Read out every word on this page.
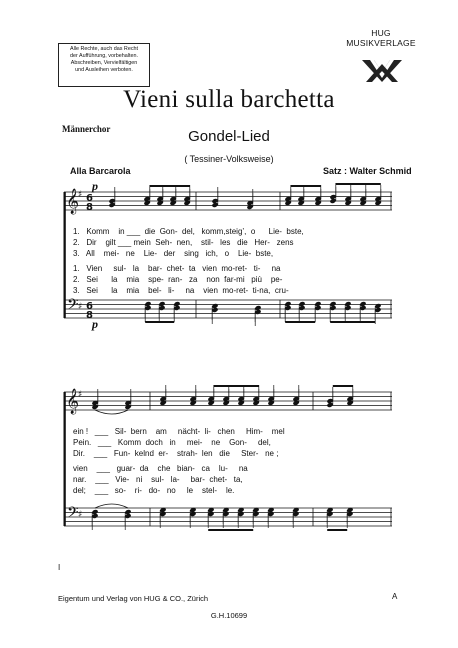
Alle Rechte, auch das Recht
der Aufführung, vorbehalten.
Abschreiben, Vervielfältigen
und Ausleihen verboten.
HUG
MUSIKVERLAGE
Vieni sulla barchetta
Männerchor	Gondel-Lied
( Tessiner-Volksweise)
Alla Barcarola	Satz : Walter Schmid
𝄞
𝄢
♯
♯
6
8
6
8
𝄞
𝄢
♯
♯
p
p
1.   Komm    in ___  die  Gon-  del,   komm,steig’,  o      Lie-  bste,
2.   Dir    gilt ___ mein  Seh-  nen,    stil-   les   die   Her-   zens
3.   All    mei-   ne    Lie-   der    sing   ich,   o    Lie-  bste,
1.   Vien     sul-   la    bar-  chet-  ta   vien  mo-ret-   ti-     na
2.   Sei      la    mia    spe-  ran-   za    non  far-mi   più    pe-
3.   Sei      la    mia    bel-   li-     na    vien  mo-ret-  ti-na,  cru-
ein !   ___   Sil-  bern    am     nächt-  li-   chen     Him-    mel
Pein.   ___   Komm  doch   in     mei-    ne    Gon-     del,
Dir.    ___   Fun-  kelnd  er-    strah-  len   die     Ster-   ne ;
vien    ___   guar-  da    che   bian-   ca    lu-     na
nar.    ___   Vie-   ni    sul-   la-     bar-  chet-   ta,
del;    ___   so-    ri-   do-   no     le    stel-    le.
I
Eigentum und Verlag von HUG & CO., Zürich	A
G.H.10699
